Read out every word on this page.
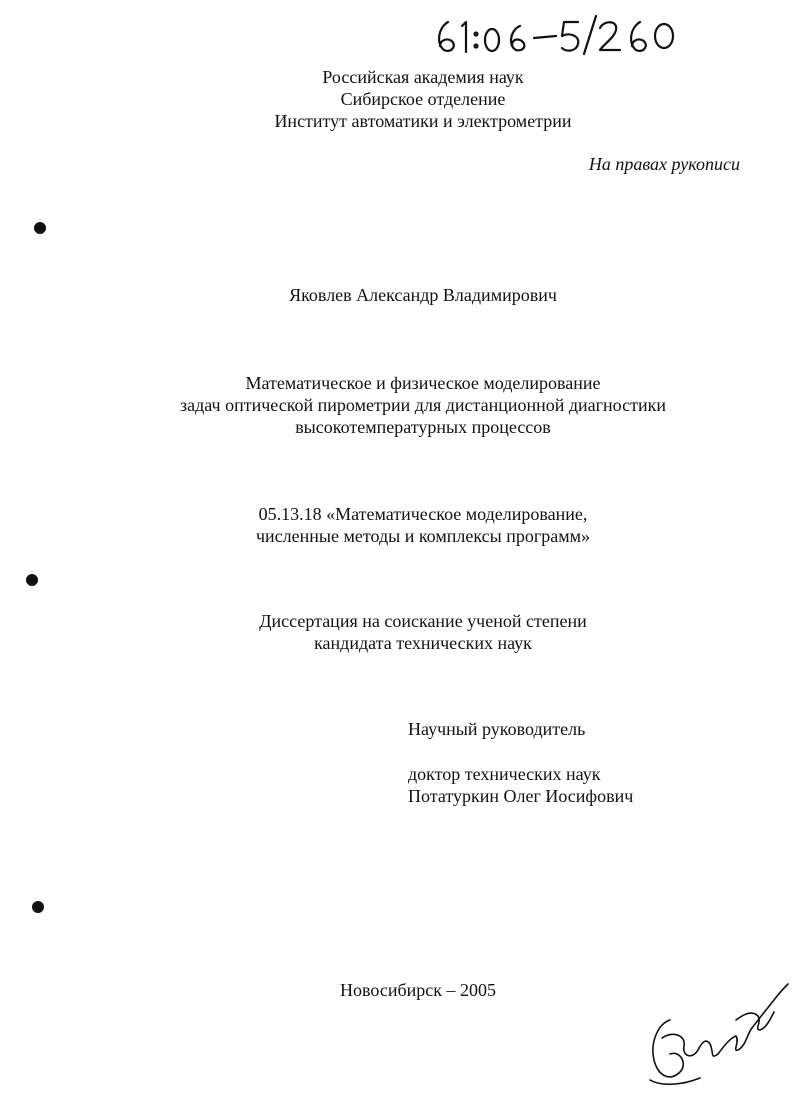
Российская академия наук
Сибирское отделение
Институт автоматики и электрометрии
На правах рукописи
Яковлев Александр Владимирович
Математическое и физическое моделирование
задач оптической пирометрии для дистанционной диагностики
высокотемпературных процессов
05.13.18 «Математическое моделирование,
численные методы и комплексы программ»
Диссертация на соискание ученой степени
кандидата технических наук
Научный руководитель
доктор технических наук
Потатуркин Олег Иосифович
Новосибирск – 2005
